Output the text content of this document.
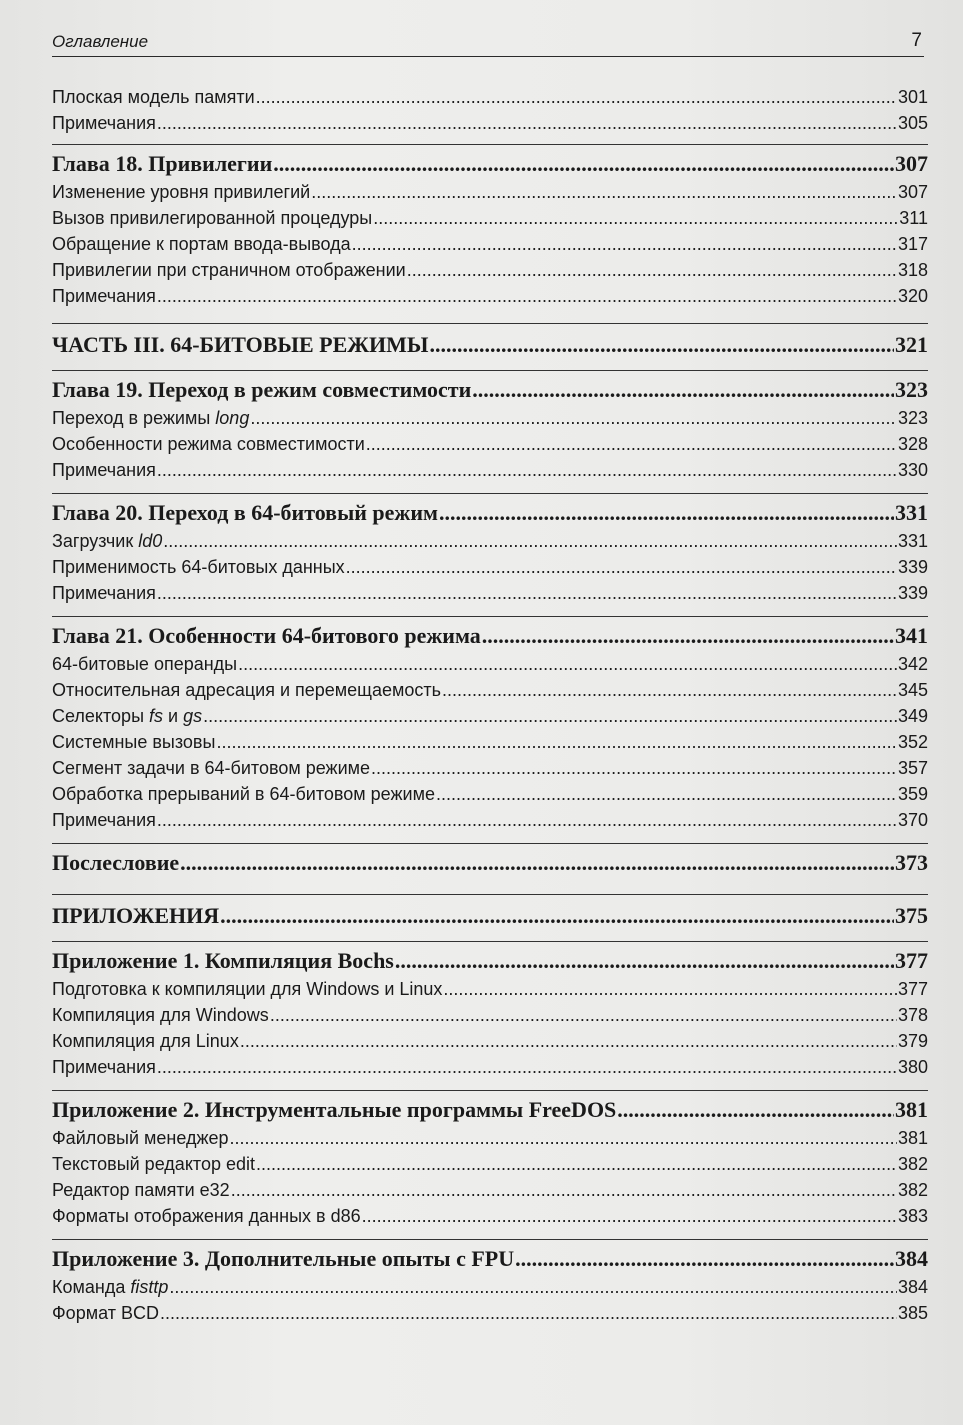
Оглавление	7
Плоская модель памяти .....	301
Примечания .....	305
Глава 18. Привилегии .....	307
Изменение уровня привилегий .....	307
Вызов привилегированной процедуры .....	311
Обращение к портам ввода-вывода .....	317
Привилегии при страничном отображении .....	318
Примечания .....	320
ЧАСТЬ III. 64-БИТОВЫЕ РЕЖИМЫ .....	321
Глава 19. Переход в режим совместимости .....	323
Переход в режимы long .....	323
Особенности режима совместимости .....	328
Примечания .....	330
Глава 20. Переход в 64-битовый режим .....	331
Загрузчик ld0 .....	331
Применимость 64-битовых данных .....	339
Примечания .....	339
Глава 21. Особенности 64-битового режима .....	341
64-битовые операнды .....	342
Относительная адресация и перемещаемость .....	345
Селекторы fs и gs .....	349
Системные вызовы .....	352
Сегмент задачи в 64-битовом режиме .....	357
Обработка прерываний в 64-битовом режиме .....	359
Примечания .....	370
Послесловие .....	373
ПРИЛОЖЕНИЯ .....	375
Приложение 1. Компиляция Bochs .....	377
Подготовка к компиляции для Windows и Linux .....	377
Компиляция для Windows .....	378
Компиляция для Linux .....	379
Примечания .....	380
Приложение 2. Инструментальные программы FreeDOS .....	381
Файловый менеджер .....	381
Текстовый редактор edit .....	382
Редактор памяти e32 .....	382
Форматы отображения данных в d86 .....	383
Приложение 3. Дополнительные опыты с FPU .....	384
Команда fisttp .....	384
Формат BCD .....	385
